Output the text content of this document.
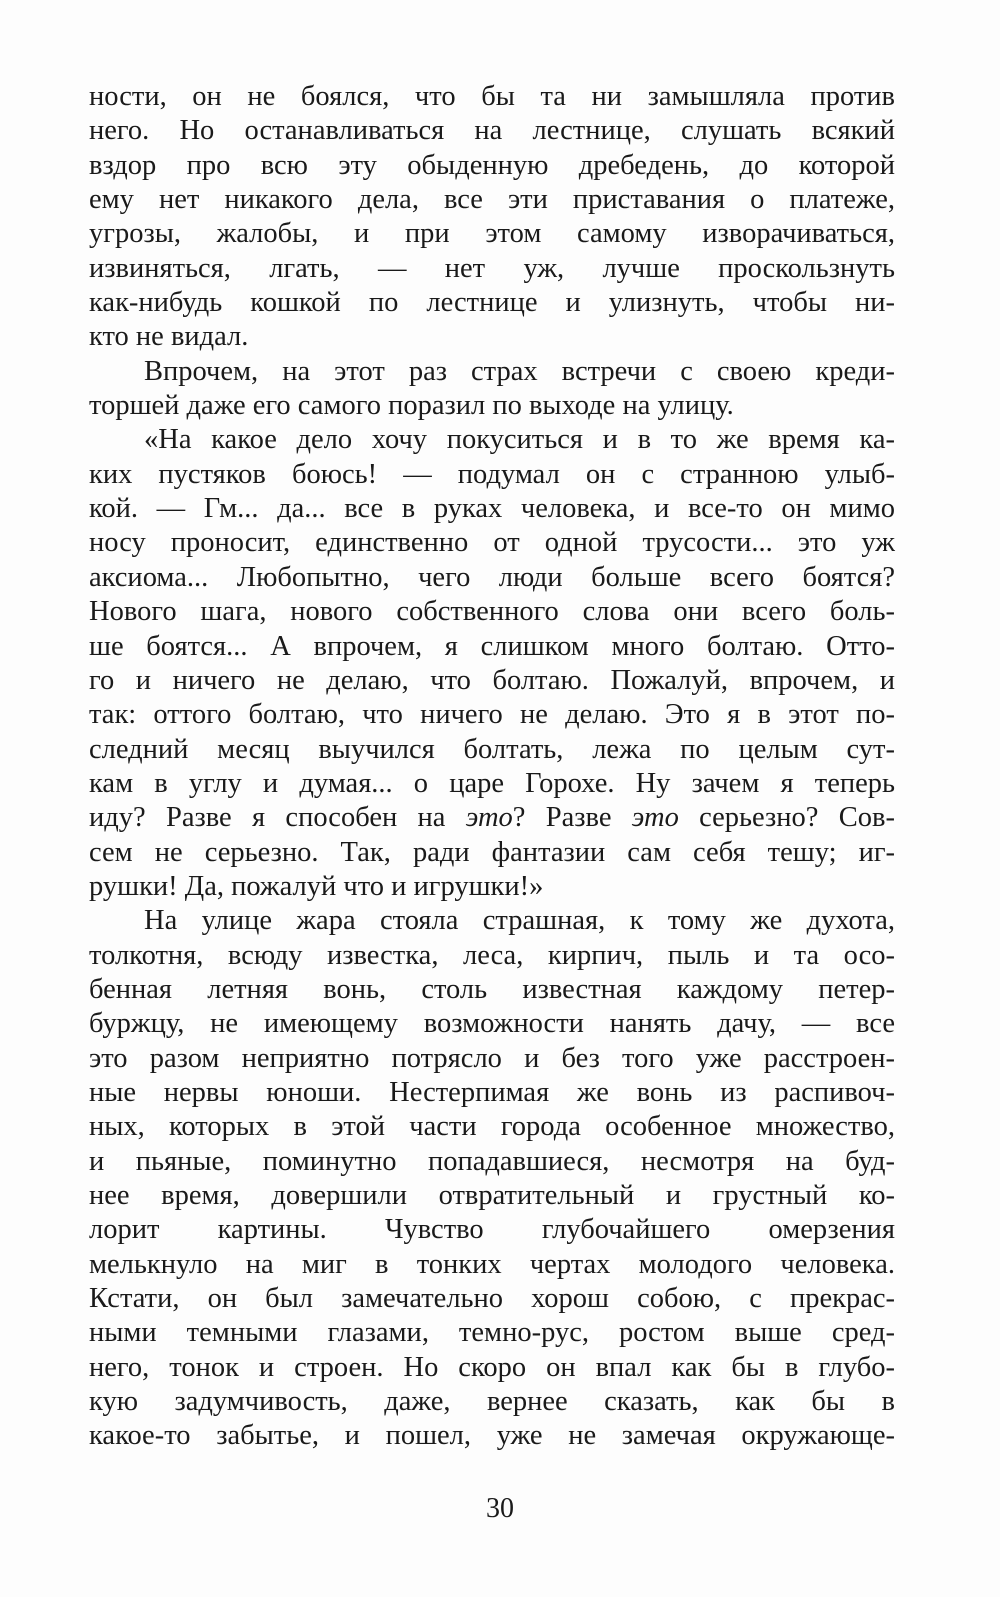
ности, он не боялся, что бы та ни замышляла против
него. Но останавливаться на лестнице, слушать всякий
вздор про всю эту обыденную дребедень, до которой
ему нет никакого дела, все эти приставания о платеже,
угрозы, жалобы, и при этом самому изворачиваться,
извиняться, лгать, — нет уж, лучше проскользнуть
как-нибудь кошкой по лестнице и улизнуть, чтобы ни-
кто не видал.
Впрочем, на этот раз страх встречи с своею креди-
торшей даже его самого поразил по выходе на улицу.
«На какое дело хочу покуситься и в то же время ка-
ких пустяков боюсь! — подумал он с странною улыб-
кой. — Гм... да... все в руках человека, и все-то он мимо
носу проносит, единственно от одной трусости... это уж
аксиома... Любопытно, чего люди больше всего боятся?
Нового шага, нового собственного слова они всего боль-
ше боятся... А впрочем, я слишком много болтаю. Отто-
го и ничего не делаю, что болтаю. Пожалуй, впрочем, и
так: оттого болтаю, что ничего не делаю. Это я в этот по-
следний месяц выучился болтать, лежа по целым сут-
кам в углу и думая... о царе Горохе. Ну зачем я теперь
иду? Разве я способен на это? Разве это серьезно? Сов-
сем не серьезно. Так, ради фантазии сам себя тешу; иг-
рушки! Да, пожалуй что и игрушки!»
На улице жара стояла страшная, к тому же духота,
толкотня, всюду известка, леса, кирпич, пыль и та осо-
бенная летняя вонь, столь известная каждому петер-
буржцу, не имеющему возможности нанять дачу, — все
это разом неприятно потрясло и без того уже расстроен-
ные нервы юноши. Нестерпимая же вонь из распивоч-
ных, которых в этой части города особенное множество,
и пьяные, поминутно попадавшиеся, несмотря на буд-
нее время, довершили отвратительный и грустный ко-
лорит картины. Чувство глубочайшего омерзения
мелькнуло на миг в тонких чертах молодого человека.
Кстати, он был замечательно хорош собою, с прекрас-
ными темными глазами, темно-рус, ростом выше сред-
него, тонок и строен. Но скоро он впал как бы в глубо-
кую задумчивость, даже, вернее сказать, как бы в
какое-то забытье, и пошел, уже не замечая окружающе-
30
